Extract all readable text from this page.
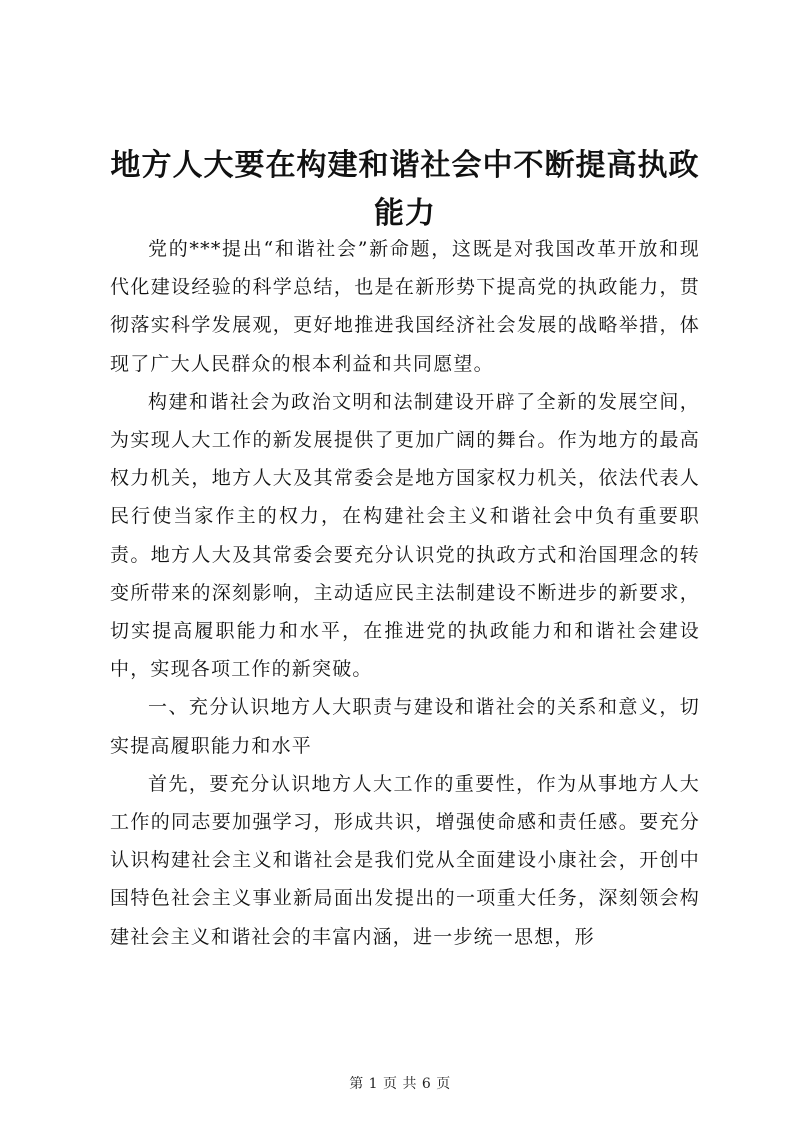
地方人大要在构建和谐社会中不断提高执政能力

党的***提出“和谐社会”新命题，这既是对我国改革开放和现代化建设经验的科学总结，也是在新形势下提高党的执政能力，贯彻落实科学发展观，更好地推进我国经济社会发展的战略举措，体现了广大人民群众的根本利益和共同愿望。

构建和谐社会为政治文明和法制建设开辟了全新的发展空间，为实现人大工作的新发展提供了更加广阔的舞台。作为地方的最高权力机关，地方人大及其常委会是地方国家权力机关，依法代表人民行使当家作主的权力，在构建社会主义和谐社会中负有重要职责。地方人大及其常委会要充分认识党的执政方式和治国理念的转变所带来的深刻影响，主动适应民主法制建设不断进步的新要求，切实提高履职能力和水平，在推进党的执政能力和和谐社会建设中，实现各项工作的新突破。

一、充分认识地方人大职责与建设和谐社会的关系和意义，切实提高履职能力和水平

首先，要充分认识地方人大工作的重要性，作为从事地方人大工作的同志要加强学习，形成共识，增强使命感和责任感。要充分认识构建社会主义和谐社会是我们党从全面建设小康社会，开创中国特色社会主义事业新局面出发提出的一项重大任务，深刻领会构建社会主义和谐社会的丰富内涵，进一步统一思想，形

第 1 页 共 6 页
